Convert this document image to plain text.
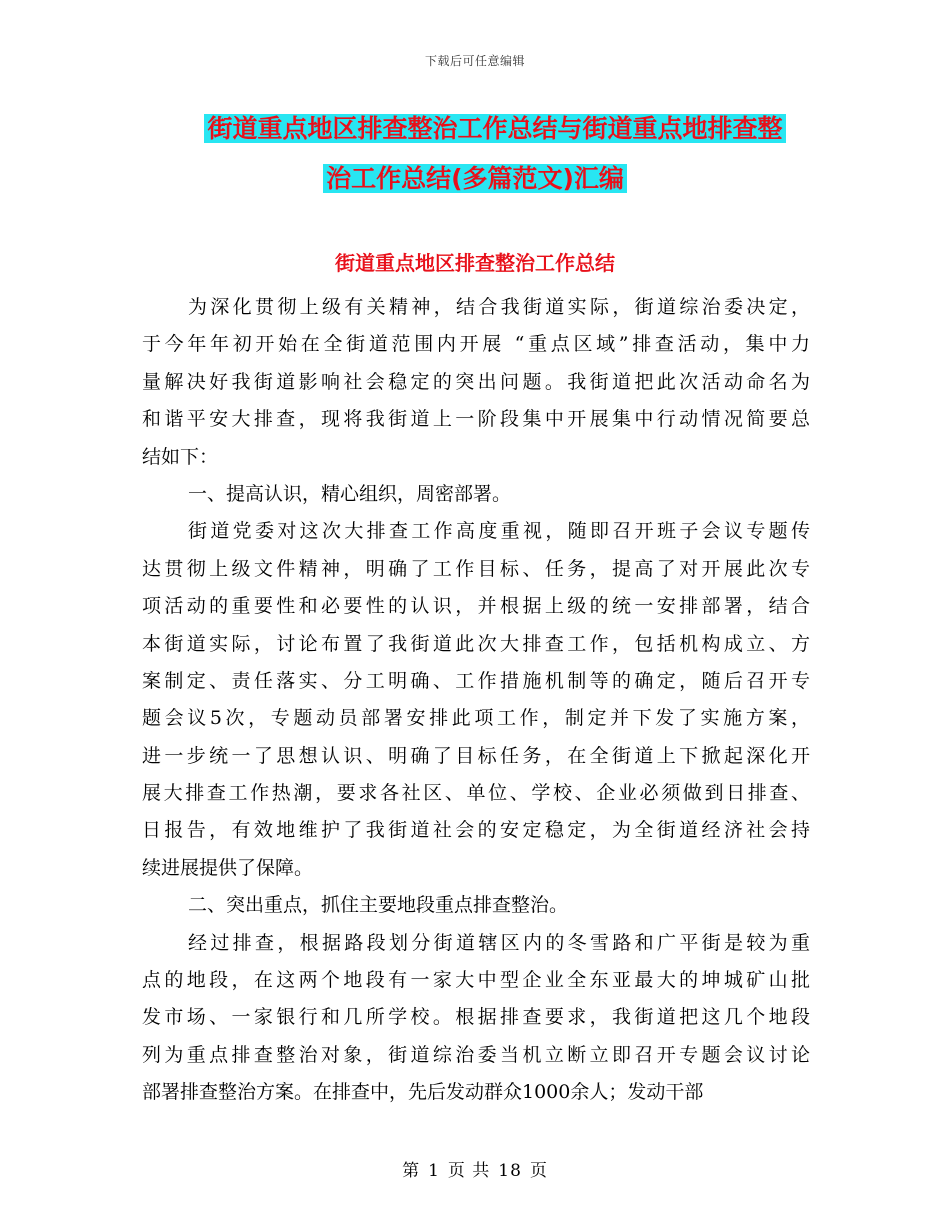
下载后可任意编辑
街道重点地区排查整治工作总结与街道重点地排查整
治工作总结(多篇范文)汇编
街道重点地区排查整治工作总结
为深化贯彻上级有关精神，结合我街道实际，街道综治委决定，
于今年年初开始在全街道范围内开展 “重点区域”排查活动，集中力
量解决好我街道影响社会稳定的突出问题。我街道把此次活动命名为
和谐平安大排查，现将我街道上一阶段集中开展集中行动情况简要总
结如下：
一、提高认识，精心组织，周密部署。
街道党委对这次大排查工作高度重视，随即召开班子会议专题传
达贯彻上级文件精神，明确了工作目标、任务，提高了对开展此次专
项活动的重要性和必要性的认识，并根据上级的统一安排部署，结合
本街道实际，讨论布置了我街道此次大排查工作，包括机构成立、方
案制定、责任落实、分工明确、工作措施机制等的确定，随后召开专
题会议5次，专题动员部署安排此项工作，制定并下发了实施方案，
进一步统一了思想认识、明确了目标任务，在全街道上下掀起深化开
展大排查工作热潮，要求各社区、单位、学校、企业必须做到日排查、
日报告，有效地维护了我街道社会的安定稳定，为全街道经济社会持
续进展提供了保障。
二、突出重点，抓住主要地段重点排查整治。
经过排查，根据路段划分街道辖区内的冬雪路和广平街是较为重
点的地段，在这两个地段有一家大中型企业全东亚最大的坤城矿山批
发市场、一家银行和几所学校。根据排查要求，我街道把这几个地段
列为重点排查整治对象，街道综治委当机立断立即召开专题会议讨论
部署排查整治方案。在排查中，先后发动群众1000余人；发动干部
第 1 页 共 18 页
